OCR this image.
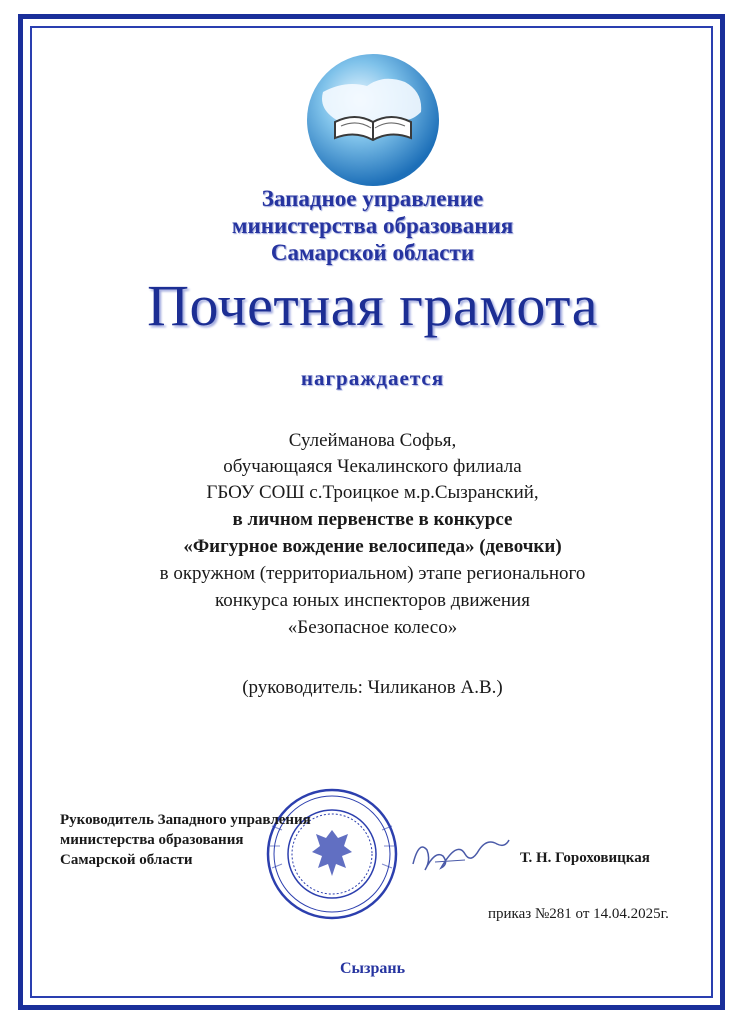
Западное управление
министерства образования
Самарской области
Почетная грамота
награждается
Сулейманова Софья,
обучающаяся Чекалинского филиала
ГБОУ СОШ с.Троицкое м.р.Сызранский,
в личном первенстве в конкурсе
«Фигурное вождение велосипеда» (девочки)
в окружном (территориальном) этапе регионального
конкурса юных инспекторов движения
«Безопасное колесо»
(руководитель: Чиликанов А.В.)
Руководитель Западного управления
министерства образования
Самарской области	Т. Н. Гороховицкая
приказ №281 от 14.04.2025г.
Сызрань
